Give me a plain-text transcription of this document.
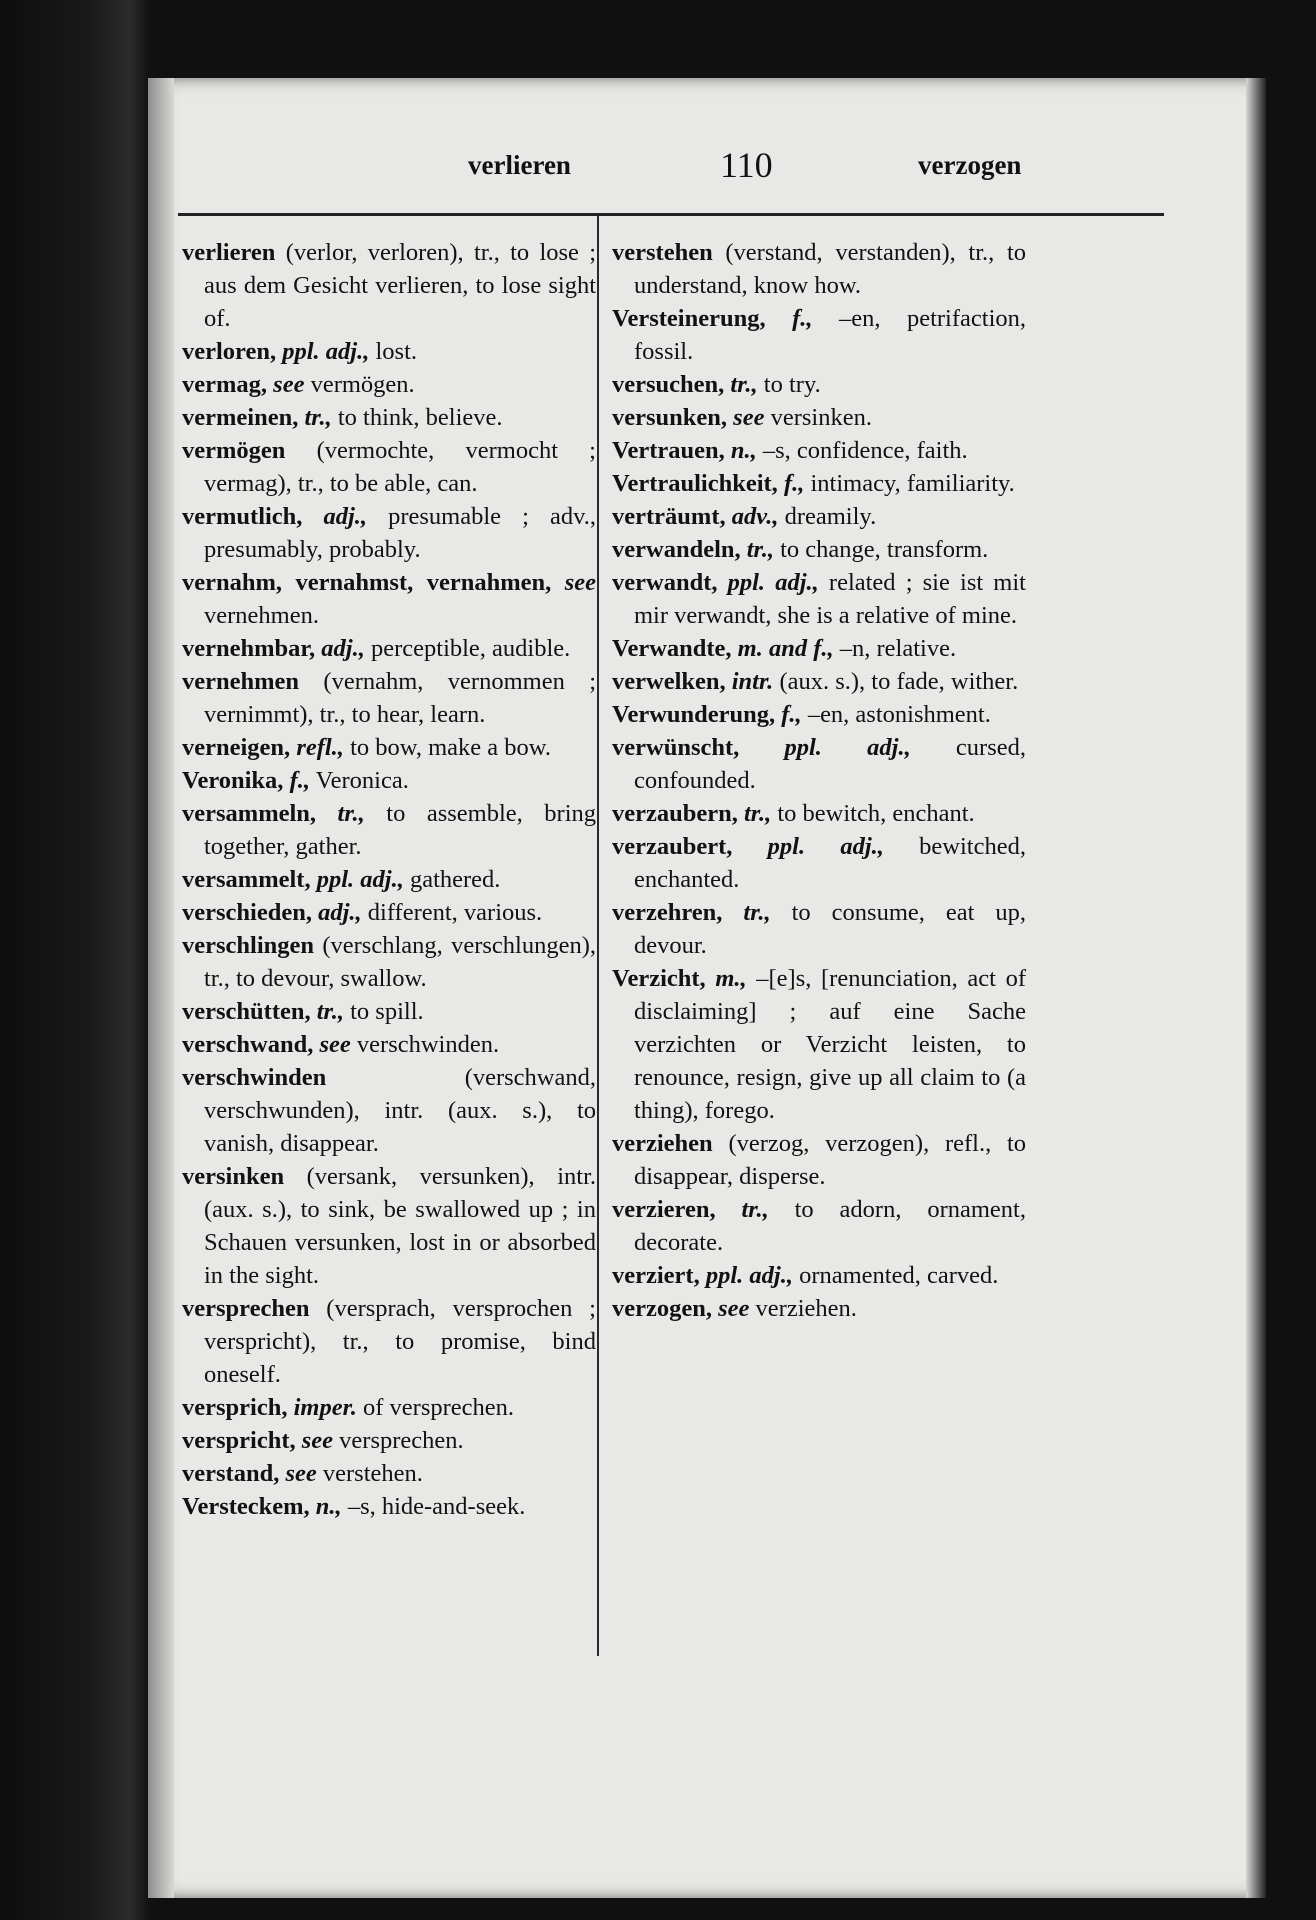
verlieren	110	verzogen

verlieren (verlor, verloren), tr., to lose ; aus dem Gesicht verlieren, to lose sight of.

verloren, ppl. adj., lost.

vermag, see vermögen.

vermeinen, tr., to think, believe.

vermögen (vermochte, vermocht ; vermag), tr., to be able, can.

vermutlich, adj., presumable ; adv., presumably, probably.

vernahm, vernahmst, vernahmen, see vernehmen.

vernehmbar, adj., perceptible, audible.

vernehmen (vernahm, vernommen ; vernimmt), tr., to hear, learn.

verneigen, refl., to bow, make a bow.

Veronika, f., Veronica.

versammeln, tr., to assemble, bring together, gather.

versammelt, ppl. adj., gathered.

verschieden, adj., different, various.

verschlingen (verschlang, verschlungen), tr., to devour, swallow.

verschütten, tr., to spill.

verschwand, see verschwinden.

verschwinden (verschwand, verschwunden), intr. (aux. s.), to vanish, disappear.

versinken (versank, versunken), intr. (aux. s.), to sink, be swallowed up ; in Schauen versunken, lost in or absorbed in the sight.

versprechen (versprach, versprochen ; verspricht), tr., to promise, bind oneself.

versprich, imper. of versprechen.

verspricht, see versprechen.

verstand, see verstehen.

Versteckem, n., –s, hide-and-seek.

verstehen (verstand, verstanden), tr., to understand, know how.

Versteinerung, f., –en, petrifaction, fossil.

versuchen, tr., to try.

versunken, see versinken.

Vertrauen, n., –s, confidence, faith.

Vertraulichkeit, f., intimacy, familiarity.

verträumt, adv., dreamily.

verwandeln, tr., to change, transform.

verwandt, ppl. adj., related ; sie ist mit mir verwandt, she is a relative of mine.

Verwandte, m. and f., –n, relative.

verwelken, intr. (aux. s.), to fade, wither.

Verwunderung, f., –en, astonishment.

verwünscht, ppl. adj., cursed, confounded.

verzaubern, tr., to bewitch, enchant.

verzaubert, ppl. adj., bewitched, enchanted.

verzehren, tr., to consume, eat up, devour.

Verzicht, m., –[e]s, [renunciation, act of disclaiming] ; auf eine Sache verzichten or Verzicht leisten, to renounce, resign, give up all claim to (a thing), forego.

verziehen (verzog, verzogen), refl., to disappear, disperse.

verzieren, tr., to adorn, ornament, decorate.

verziert, ppl. adj., ornamented, carved.

verzogen, see verziehen.
